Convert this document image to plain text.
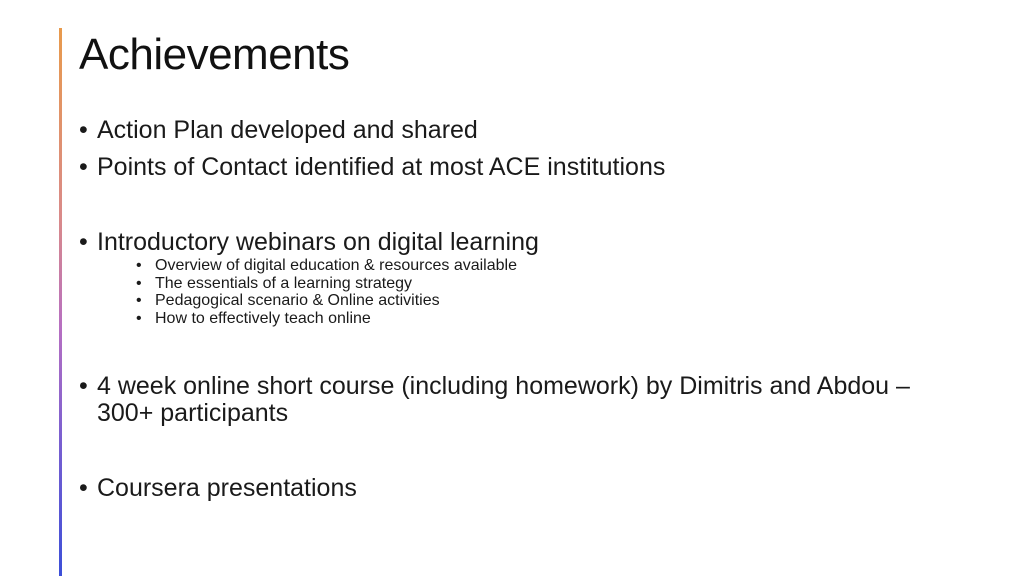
Achievements
• Action Plan developed and shared
• Points of Contact identified at most ACE institutions
• Introductory webinars on digital learning
• Overview of digital education & resources available
• The essentials of a learning strategy
• Pedagogical scenario & Online activities
• How to effectively teach online
• 4 week online short course (including homework) by Dimitris and Abdou – 300+ participants
• Coursera presentations
